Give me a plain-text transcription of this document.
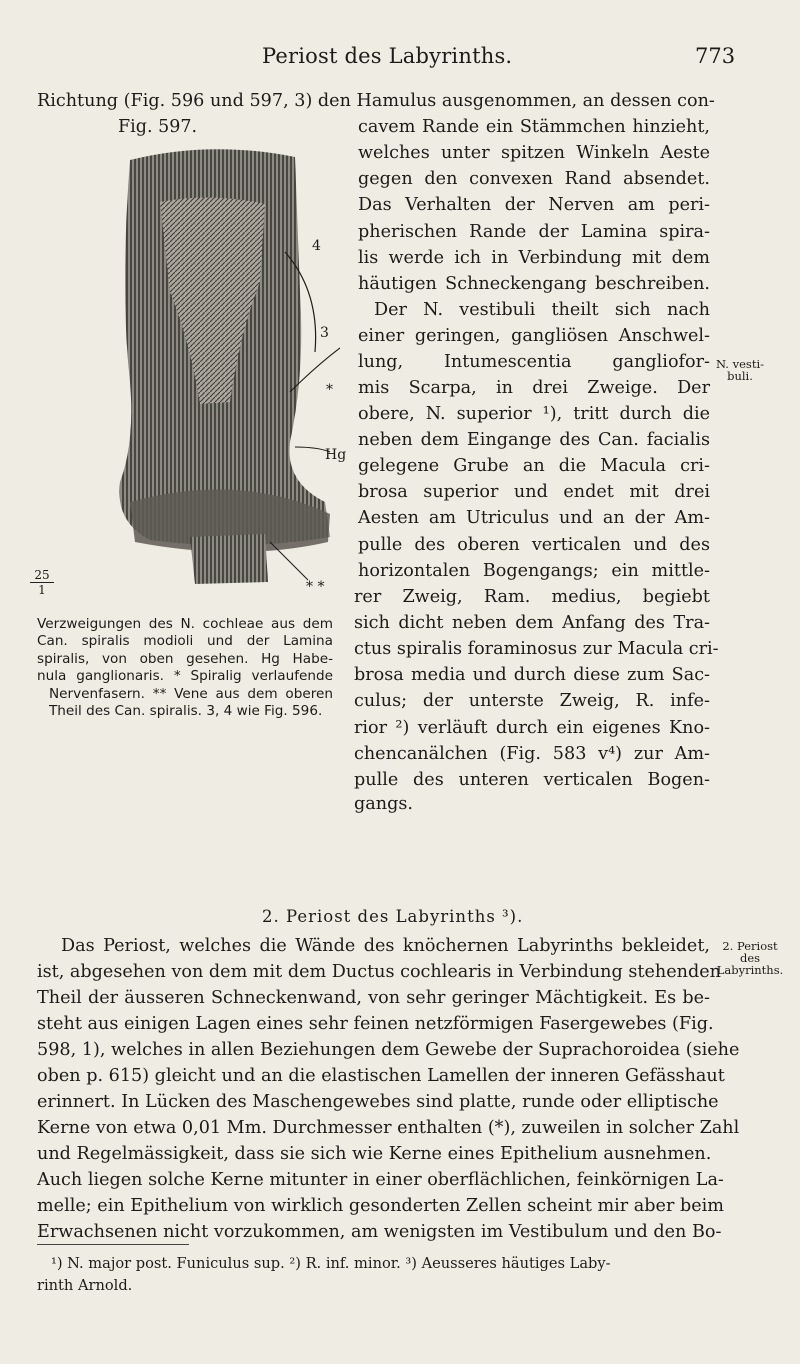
Periost des Labyrinths.	773
Richtung (Fig. 596 und 597, 3) den Hamulus ausgenommen, an dessen con-
Fig. 597.
4
3
*
Hg
* *
$\frac{25}{1}$
Verzweigungen des N. cochleae aus dem
Can. spiralis modioli und der Lamina
spiralis, von oben gesehen. Hg Habe-
nula ganglionaris. * Spiralig verlaufende
Nervenfasern. ** Vene aus dem oberen
Theil des Can. spiralis. 3, 4 wie Fig. 596.
cavem Rande ein Stämmchen hinzieht,
welches unter spitzen Winkeln Aeste
gegen den convexen Rand absendet.
Das Verhalten der Nerven am peri-
pherischen Rande der Lamina spira-
lis werde ich in Verbindung mit dem
häutigen Schneckengang beschreiben.
Der N. vestibuli theilt sich nach
einer geringen, gangliösen Anschwel-
lung, Intumescentia gangliofor-
mis Scarpa, in drei Zweige. Der
obere, N. superior ¹), tritt durch die
neben dem Eingange des Can. facialis
gelegene Grube an die Macula cri-
brosa superior und endet mit drei
Aesten am Utriculus und an der Am-
pulle des oberen verticalen und des
horizontalen Bogengangs; ein mittle-
rer Zweig, Ram. medius, begiebt
sich dicht neben dem Anfang des Tra-
ctus spiralis foraminosus zur Macula cri-
brosa media und durch diese zum Sac-
culus; der unterste Zweig, R. infe-
rior ²) verläuft durch ein eigenes Kno-
chencanälchen (Fig. 583 v⁴) zur Am-
pulle des unteren verticalen Bogen-
gangs.
N. vesti-
buli.
2. Periost des Labyrinths ³).
Das Periost, welches die Wände des knöchernen Labyrinths bekleidet,
ist, abgesehen von dem mit dem Ductus cochlearis in Verbindung stehenden
Theil der äusseren Schneckenwand, von sehr geringer Mächtigkeit. Es be-
steht aus einigen Lagen eines sehr feinen netzförmigen Fasergewebes (Fig.
598, 1), welches in allen Beziehungen dem Gewebe der Suprachoroidea (siehe
oben p. 615) gleicht und an die elastischen Lamellen der inneren Gefässhaut
erinnert. In Lücken des Maschengewebes sind platte, runde oder elliptische
Kerne von etwa 0,01 Mm. Durchmesser enthalten (*), zuweilen in solcher Zahl
und Regelmässigkeit, dass sie sich wie Kerne eines Epithelium ausnehmen.
Auch liegen solche Kerne mitunter in einer oberflächlichen, feinkörnigen La-
melle; ein Epithelium von wirklich gesonderten Zellen scheint mir aber beim
Erwachsenen nicht vorzukommen, am wenigsten im Vestibulum und den Bo-
2. Periost
des
Labyrinths.
¹) N. major post. Funiculus sup. ²) R. inf. minor. ³) Aeusseres häutiges Laby-
rinth Arnold.
